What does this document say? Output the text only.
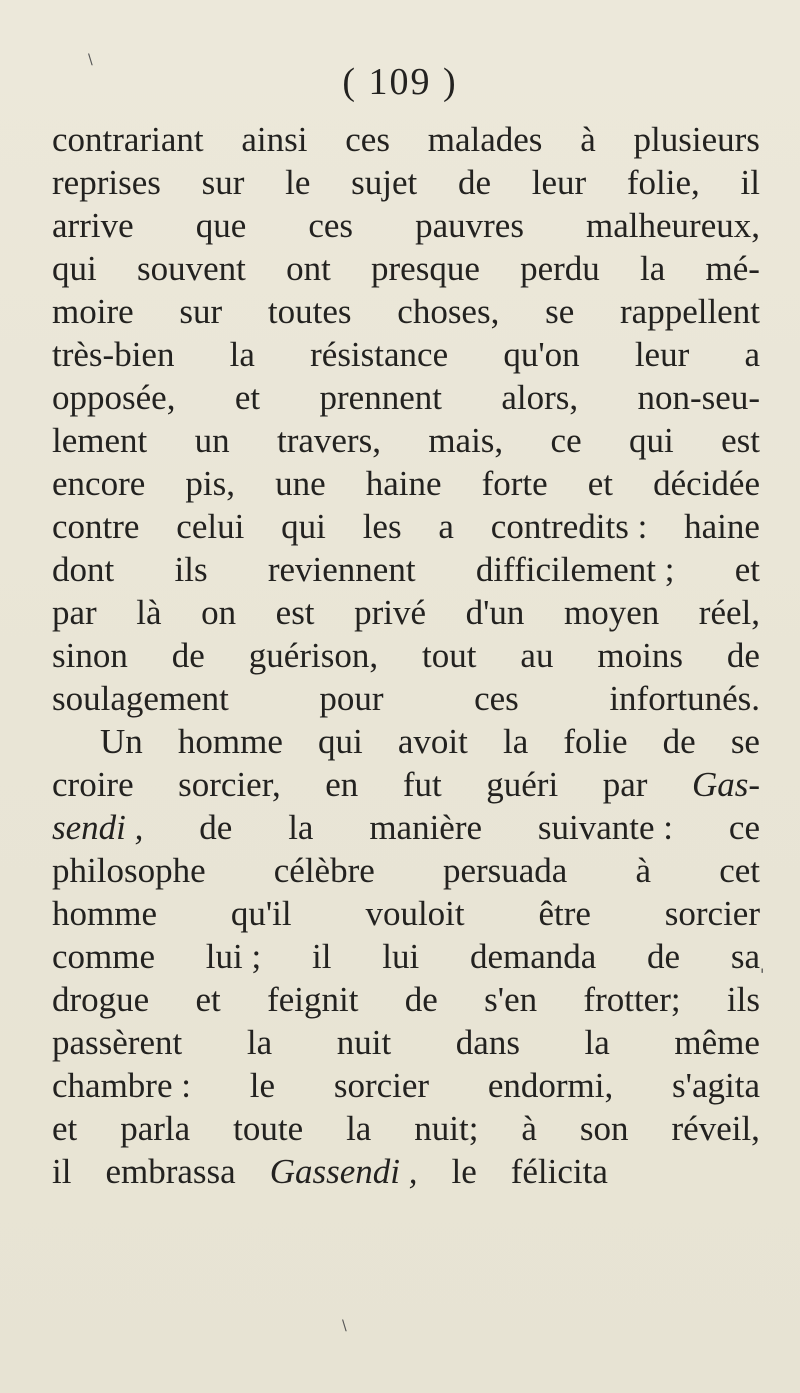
\
( 109 )
contrariant ainsi ces malades à plusieurs
reprises sur le sujet de leur folie, il
arrive que ces pauvres malheureux,
qui souvent ont presque perdu la mé-
moire sur toutes choses, se rappellent
très-bien la résistance qu'on leur a
opposée, et prennent alors, non-seu-
lement un travers, mais, ce qui est
encore pis, une haine forte et décidée
contre celui qui les a contredits : haine
dont ils reviennent difficilement ; et
par là on est privé d'un moyen réel,
sinon de guérison, tout au moins de
soulagement	pour	ces	infortunés.
Un homme qui avoit la folie de se
croire sorcier, en fut guéri par Gas-
sendi , de la manière suivante : ce
philosophe célèbre persuada à cet
homme qu'il vouloit être sorcier
comme lui ; il lui demanda de sa
drogue et feignit de s'en frotter; ils
passèrent la nuit dans la même
chambre : le sorcier endormi, s'agita
et parla toute la nuit; à son réveil,
il embrassa Gassendi , le félicita
'
\
